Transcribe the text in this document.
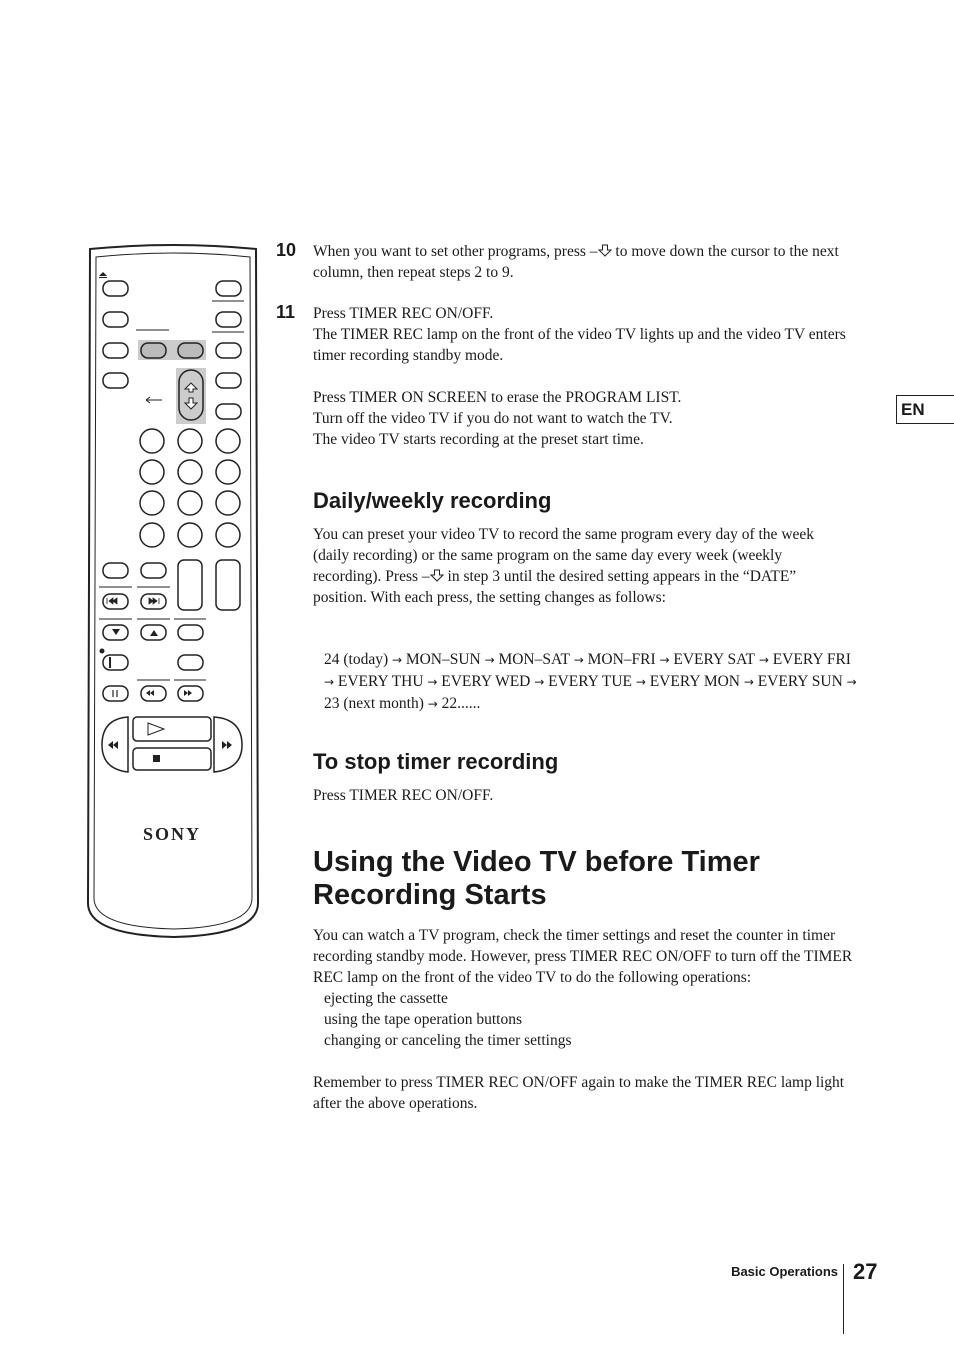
SONY
10 When you want to set other programs, press – to move down the cursor to the next column, then repeat steps 2 to 9.

11 Press TIMER REC ON/OFF.

The TIMER REC lamp on the front of the video TV lights up and the video TV enters timer recording standby mode.

Press TIMER ON SCREEN to erase the PROGRAM LIST.

Turn off the video TV if you do not want to watch the TV.

The video TV starts recording at the preset start time.

Daily/weekly recording

You can preset your video TV to record the same program every day of the week (daily recording) or the same program on the same day every week (weekly recording). Press – in step 3 until the desired setting appears in the “DATE” position. With each press, the setting changes as follows:

24 (today) → MON–SUN → MON–SAT → MON–FRI → EVERY SAT → EVERY FRI → EVERY THU → EVERY WED → EVERY TUE → EVERY MON → EVERY SUN → 23 (next month) → 22......

To stop timer recording

Press TIMER REC ON/OFF.

Using the Video TV before Timer Recording Starts

You can watch a TV program, check the timer settings and reset the counter in timer recording standby mode. However, press TIMER REC ON/OFF to turn off the TIMER REC lamp on the front of the video TV to do the following operations:

ejecting the cassette

using the tape operation buttons

changing or canceling the timer settings

Remember to press TIMER REC ON/OFF again to make the TIMER REC lamp light after the above operations.

EN
Basic Operations 27
